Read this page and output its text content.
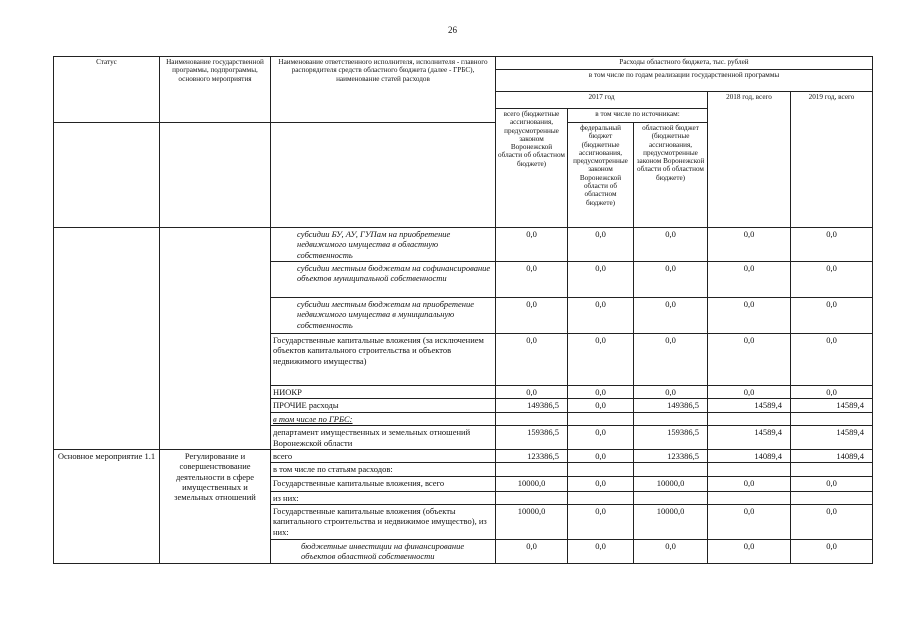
26
Статус	Наименование государственной программы, подпрограммы, основного мероприятия	Наименование ответственного исполнителя, исполнителя - главного распорядителя средств областного бюджета (далее - ГРБС), наименование статей расходов	Расходы областного бюджета, тыс. рублей				
			в том числе по годам реализации государственной программы				
			2017 год			2018 год, всего	2019 год, всего
			всего (бюджетные ассигнования, предусмотренные законом Воронежской области об областном бюджете)	в том числе по источникам:			
				федеральный бюджет (бюджетные ассигнования, предусмотренные законом Воронежской области об областном бюджете)	областной бюджет (бюджетные ассигнования, предусмотренные законом Воронежской области об областном бюджете)		
		субсидии БУ, АУ, ГУПам на приобретение недвижимого имущества в областную собственность	0,0	0,0	0,0	0,0	0,0
		субсидии местным бюджетам на софинансирование объектов муниципальной собственности	0,0	0,0	0,0	0,0	0,0
		субсидии местным бюджетам на приобретение недвижимого имущества в муниципальную собственность	0,0	0,0	0,0	0,0	0,0
		Государственные капитальные вложения (за исключением объектов капитального строительства и объектов недвижимого имущества)	0,0	0,0	0,0	0,0	0,0
		НИОКР	0,0	0,0	0,0	0,0	0,0
		ПРОЧИЕ расходы	149386,5	0,0	149386,5	14589,4	14589,4
		в том числе по ГРБС:					
		департамент имущественных и земельных отношений Воронежской области	159386,5	0,0	159386,5	14589,4	14589,4
Основное мероприятие 1.1	Регулирование и совершенствование деятельности в сфере имущественных и земельных отношений	всего	123386,5	0,0	123386,5	14089,4	14089,4
		в том числе по статьям расходов:					
		Государственные капитальные вложения, всего	10000,0	0,0	10000,0	0,0	0,0
		из них:					
		Государственные капитальные вложения (объекты капитального строительства и недвижимое имущество), из них:	10000,0	0,0	10000,0	0,0	0,0
		бюджетные инвестиции на финансирование объектов областной собственности	0,0	0,0	0,0	0,0	0,0
